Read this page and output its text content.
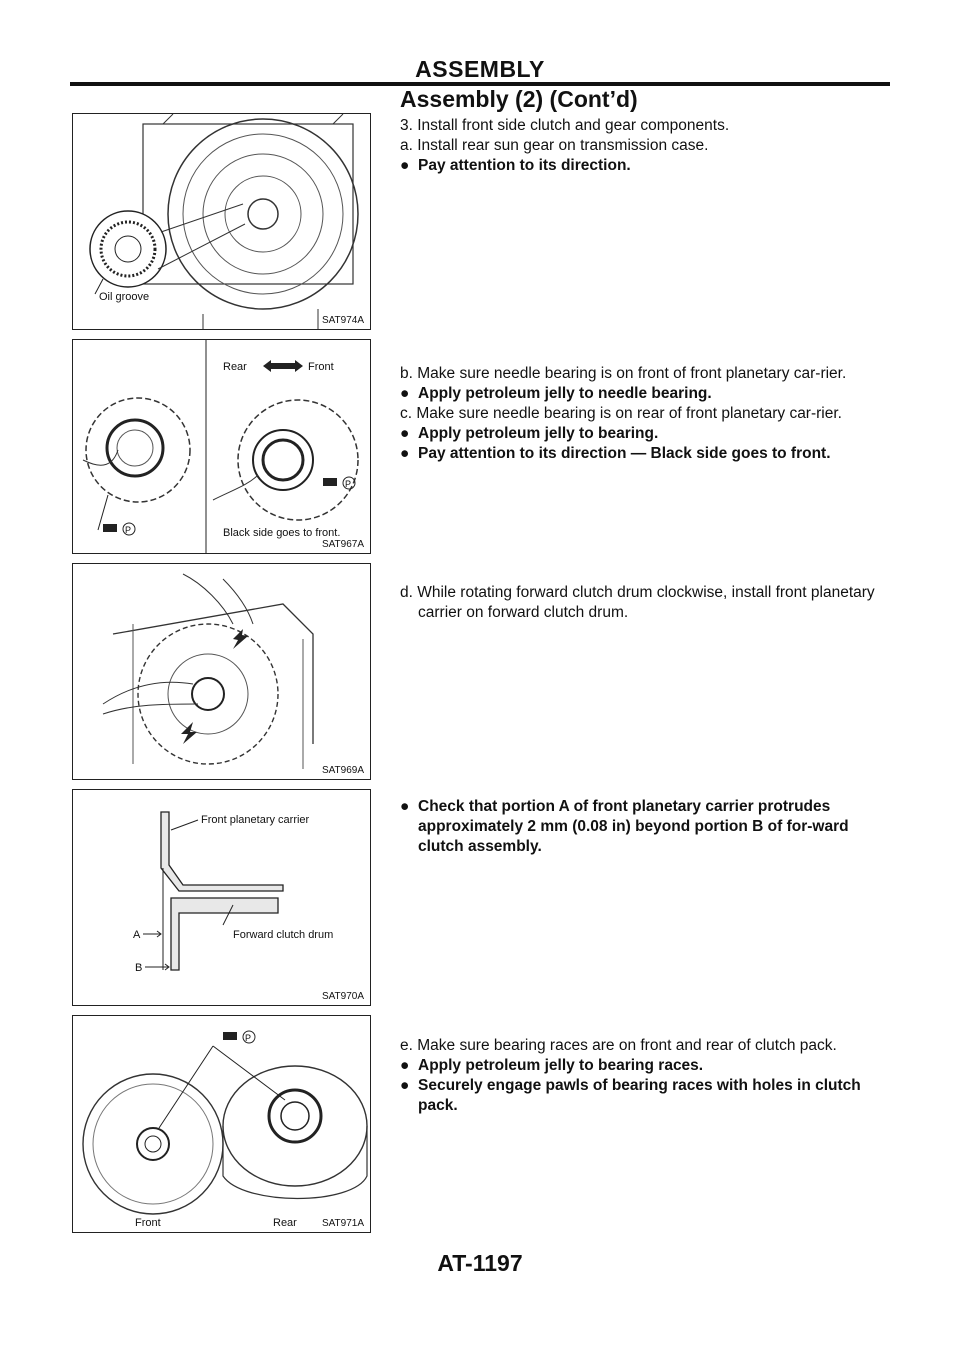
ASSEMBLY
Assembly (2) (Cont’d)
Oil groove
SAT974A
P
Rear	Front
P
Black side goes to front.
SAT967A
SAT969A
Front planetary carrier
Forward clutch drum
A
B
SAT970A
P
Front	Rear	SAT971A

3. Install front side clutch and gear components.

a. Install rear sun gear on transmission case.

● Pay attention to its direction.

b. Make sure needle bearing is on front of front planetary car-rier.

● Apply petroleum jelly to needle bearing.

c. Make sure needle bearing is on rear of front planetary car-rier.

● Apply petroleum jelly to bearing.

● Pay attention to its direction — Black side goes to front.

d. While rotating forward clutch drum clockwise, install front planetary carrier on forward clutch drum.

● Check that portion A of front planetary carrier protrudes approximately 2 mm (0.08 in) beyond portion B of for-ward clutch assembly.

e. Make sure bearing races are on front and rear of clutch pack.

● Apply petroleum jelly to bearing races.

● Securely engage pawls of bearing races with holes in clutch pack.

AT-1197
